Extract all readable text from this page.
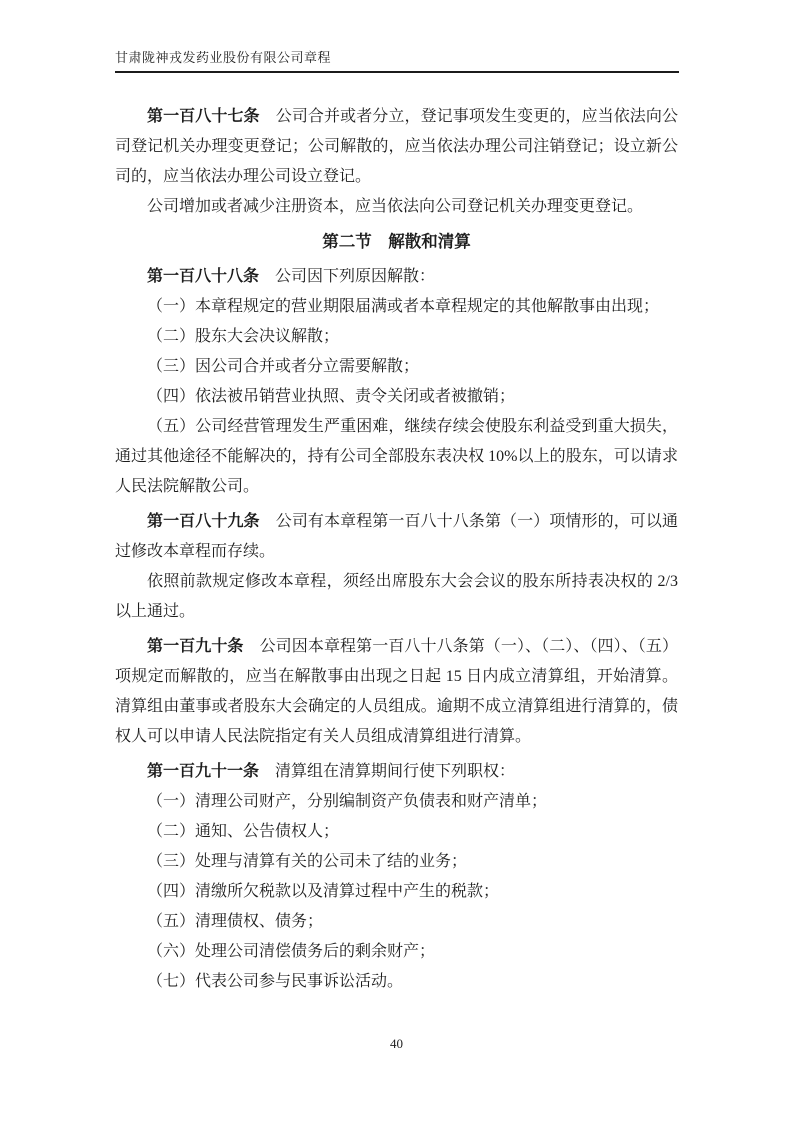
甘肃陇神戎发药业股份有限公司章程

第一百八十七条　公司合并或者分立，登记事项发生变更的，应当依法向公司登记机关办理变更登记；公司解散的，应当依法办理公司注销登记；设立新公司的，应当依法办理公司设立登记。

公司增加或者减少注册资本，应当依法向公司登记机关办理变更登记。

第二节　解散和清算

第一百八十八条　公司因下列原因解散：

（一）本章程规定的营业期限届满或者本章程规定的其他解散事由出现；

（二）股东大会决议解散；

（三）因公司合并或者分立需要解散；

（四）依法被吊销营业执照、责令关闭或者被撤销；

（五）公司经营管理发生严重困难，继续存续会使股东利益受到重大损失，通过其他途径不能解决的，持有公司全部股东表决权 10%以上的股东，可以请求人民法院解散公司。

第一百八十九条　公司有本章程第一百八十八条第（一）项情形的，可以通过修改本章程而存续。

依照前款规定修改本章程，须经出席股东大会会议的股东所持表决权的 2/3 以上通过。

第一百九十条　公司因本章程第一百八十八条第（一）、（二）、（四）、（五）项规定而解散的，应当在解散事由出现之日起 15 日内成立清算组，开始清算。清算组由董事或者股东大会确定的人员组成。逾期不成立清算组进行清算的，债权人可以申请人民法院指定有关人员组成清算组进行清算。

第一百九十一条　清算组在清算期间行使下列职权：

（一）清理公司财产，分别编制资产负债表和财产清单；

（二）通知、公告债权人；

（三）处理与清算有关的公司未了结的业务；

（四）清缴所欠税款以及清算过程中产生的税款；

（五）清理债权、债务；

（六）处理公司清偿债务后的剩余财产；

（七）代表公司参与民事诉讼活动。

40
